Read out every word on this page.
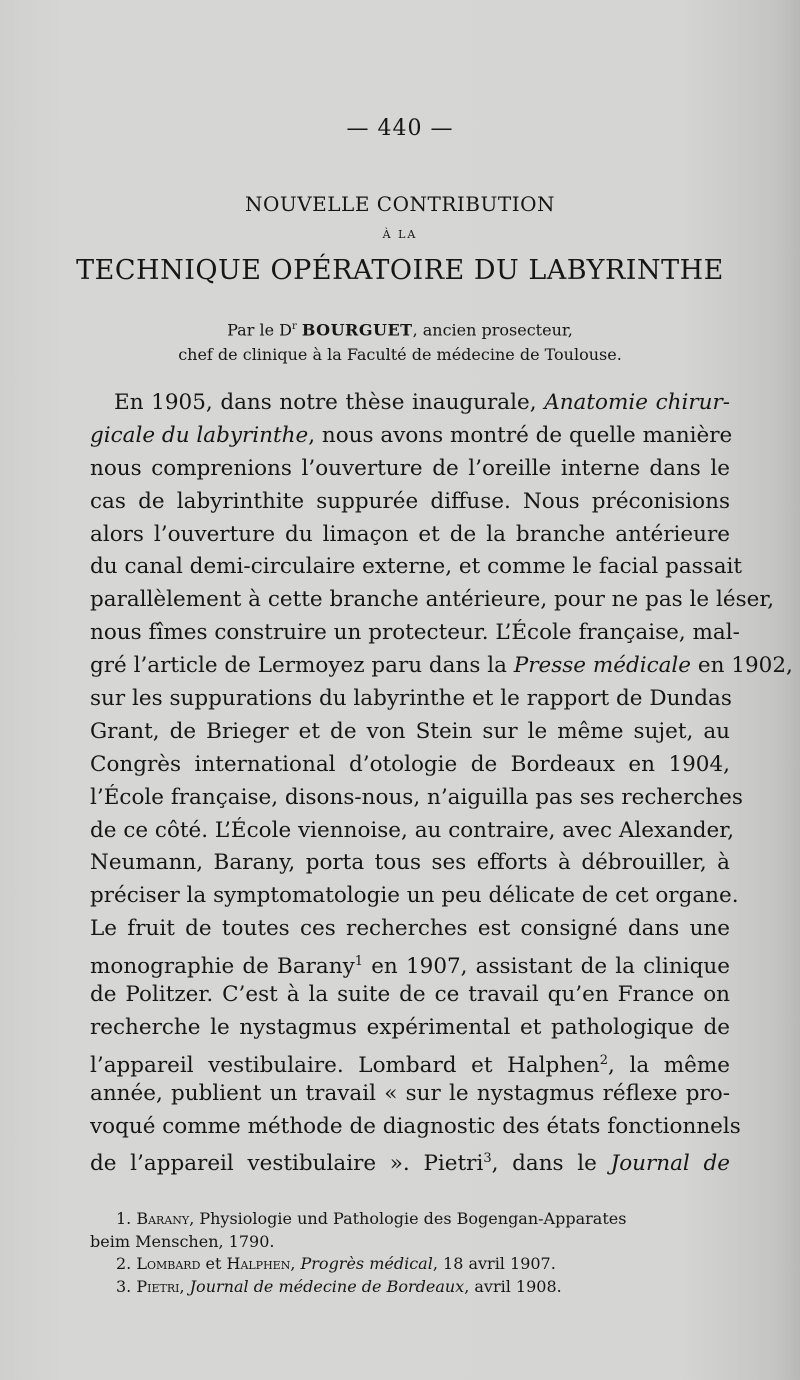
— 440 —
NOUVELLE CONTRIBUTION
À LA
TECHNIQUE OPÉRATOIRE DU LABYRINTHE
Par le $D^r$ BOURGUET, ancien prosecteur,
chef de clinique à la Faculté de médecine de Toulouse.
En 1905, dans notre thèse inaugurale, Anatomie chirur-
gicale du labyrinthe, nous avons montré de quelle manière
nous comprenions l’ouverture de l’oreille interne dans le
cas de labyrinthite suppurée diffuse. Nous préconisions
alors l’ouverture du limaçon et de la branche antérieure
du canal demi-circulaire externe, et comme le facial passait
parallèlement à cette branche antérieure, pour ne pas le léser,
nous fîmes construire un protecteur. L’École française, mal-
gré l’article de Lermoyez paru dans la Presse médicale en 1902,
sur les suppurations du labyrinthe et le rapport de Dundas
Grant, de Brieger et de von Stein sur le même sujet, au
Congrès international d’otologie de Bordeaux en 1904,
l’École française, disons-nous, n’aiguilla pas ses recherches
de ce côté. L’École viennoise, au contraire, avec Alexander,
Neumann, Barany, porta tous ses efforts à débrouiller, à
préciser la symptomatologie un peu délicate de cet organe.
Le fruit de toutes ces recherches est consigné dans une
monographie de Barany$^1$ en 1907, assistant de la clinique
de Politzer. C’est à la suite de ce travail qu’en France on
recherche le nystagmus expérimental et pathologique de
l’appareil vestibulaire. Lombard et Halphen$^2$, la même
année, publient un travail « sur le nystagmus réflexe pro-
voqué comme méthode de diagnostic des états fonctionnels
de l’appareil vestibulaire ». Pietri$^3$, dans le Journal de
1. Barany, Physiologie und Pathologie des Bogengan-Apparates
beim Menschen, 1790.
2. Lombard et Halphen, Progrès médical, 18 avril 1907.
3. Pietri, Journal de médecine de Bordeaux, avril 1908.
